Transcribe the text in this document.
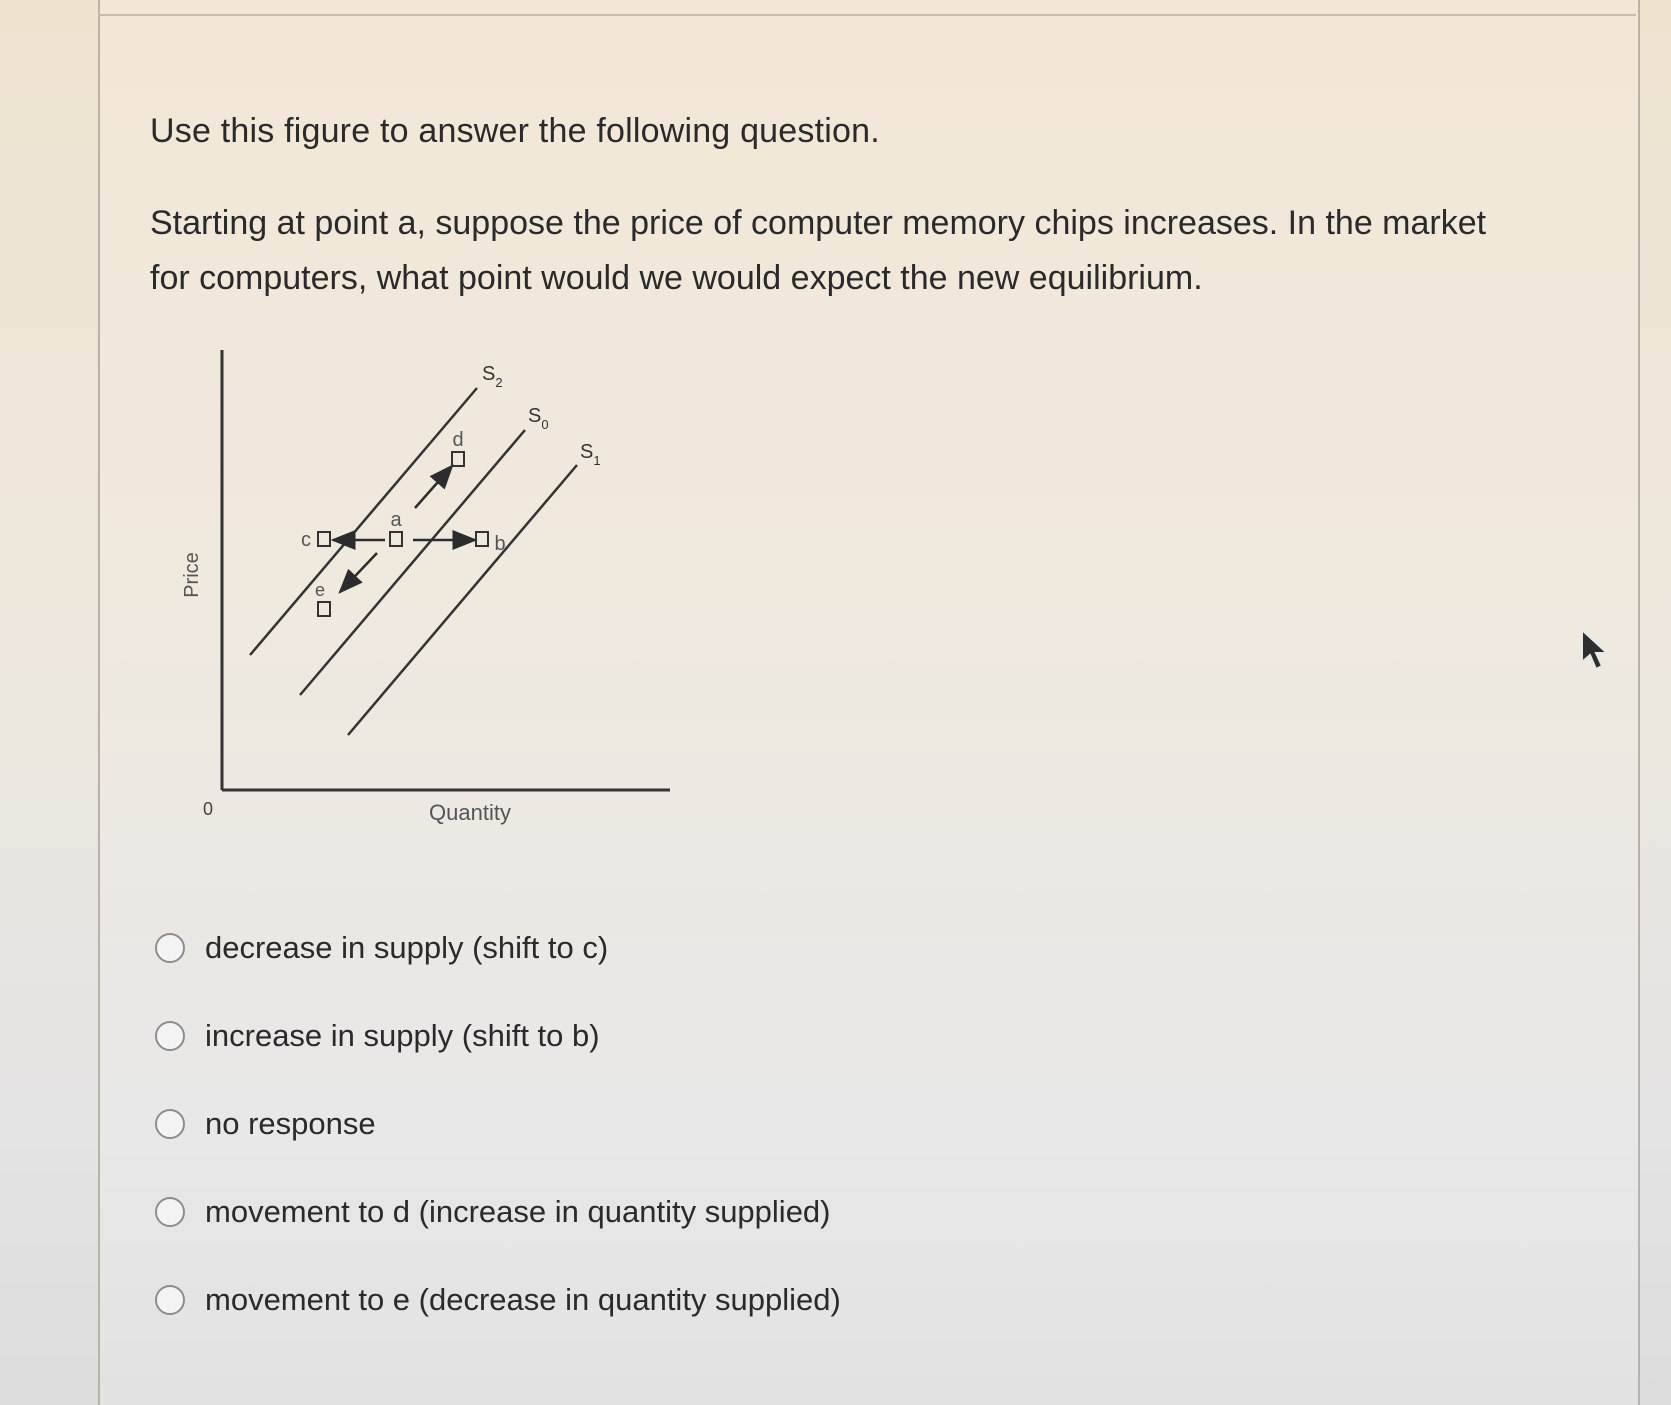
Use this figure to answer the following question.
Starting at point a, suppose the price of computer memory chips increases. In the market for computers, what point would we would expect the new equilibrium.
Price
0	Quantity
$S_2$
$S_0$
$S_1$
a
b
c
d
e
decrease in supply (shift to c)
increase in supply (shift to b)
no response
movement to d (increase in quantity supplied)
movement to e (decrease in quantity supplied)
